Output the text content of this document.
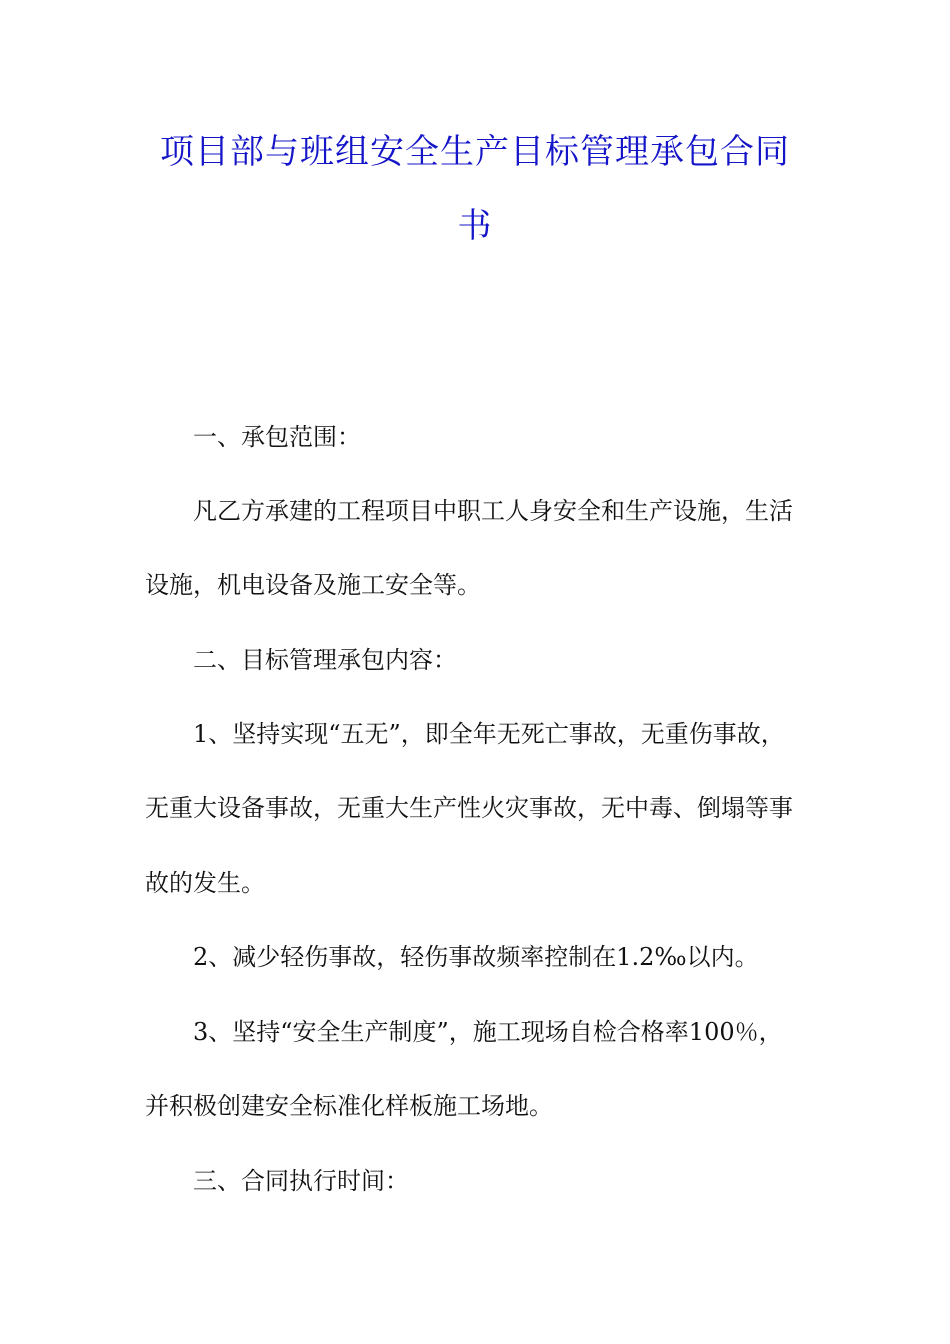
项目部与班组安全生产目标管理承包合同
书
一、承包范围：
凡乙方承建的工程项目中职工人身安全和生产设施，生活
设施，机电设备及施工安全等。
二、目标管理承包内容：
1、坚持实现“五无”，即全年无死亡事故，无重伤事故，
无重大设备事故，无重大生产性火灾事故，无中毒、倒塌等事
故的发生。
2、减少轻伤事故，轻伤事故频率控制在1.2‰以内。
3、坚持“安全生产制度”，施工现场自检合格率100％，
并积极创建安全标准化样板施工场地。
三、合同执行时间：
